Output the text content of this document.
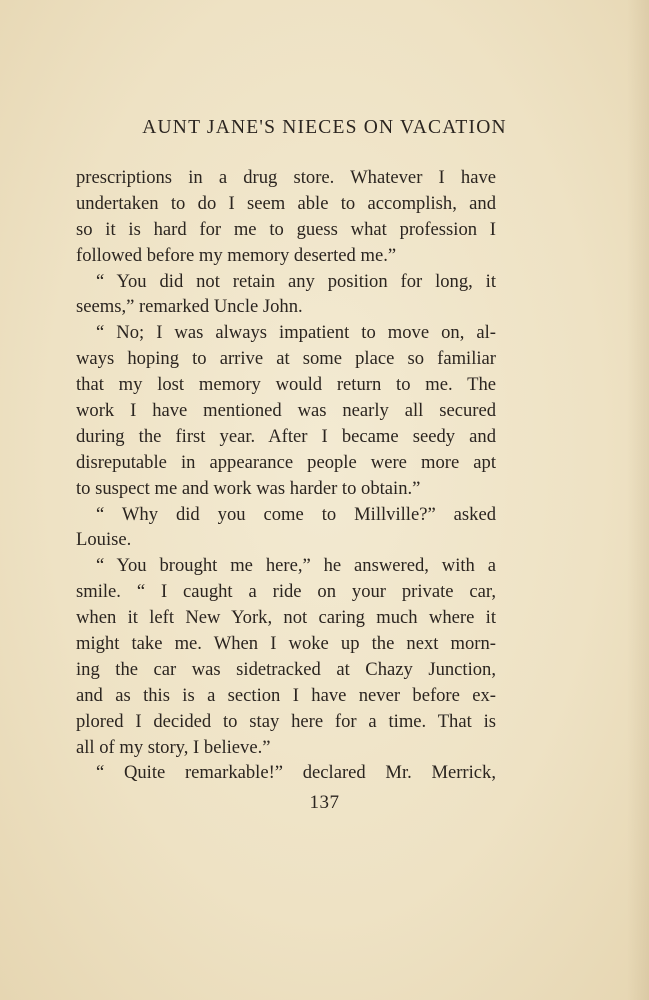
AUNT JANE'S NIECES ON VACATION
prescriptions in a drug store. Whatever I have
undertaken to do I seem able to accomplish, and
so it is hard for me to guess what profession I
followed before my memory deserted me.”
“ You did not retain any position for long, it
seems,” remarked Uncle John.
“ No; I was always impatient to move on, al-
ways hoping to arrive at some place so familiar
that my lost memory would return to me. The
work I have mentioned was nearly all secured
during the first year. After I became seedy and
disreputable in appearance people were more apt
to suspect me and work was harder to obtain.”
“ Why did you come to Millville?” asked
Louise.
“ You brought me here,” he answered, with a
smile. “ I caught a ride on your private car,
when it left New York, not caring much where it
might take me. When I woke up the next morn-
ing the car was sidetracked at Chazy Junction,
and as this is a section I have never before ex-
plored I decided to stay here for a time. That is
all of my story, I believe.”
“ Quite remarkable!” declared Mr. Merrick,
137
